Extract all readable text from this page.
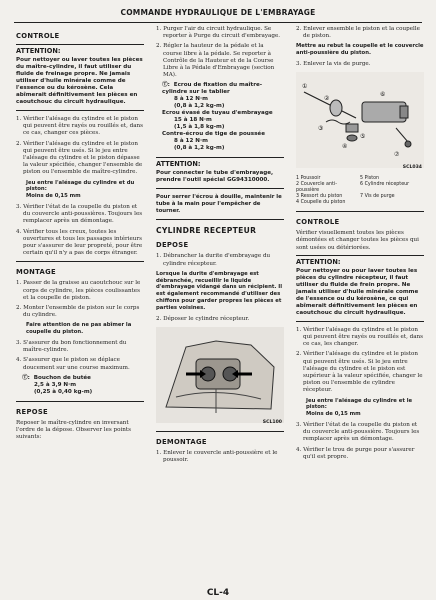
COMMANDE HYDRAULIQUE DE L'EMBRAYAGE
CONTROLE
ATTENTION:
Pour nettoyer ou laver toutes les pièces du maître-cylindre, il faut utiliser du fluide de freinage propre. Ne jamais utiliser d'huile minérale comme de l'essence ou du kérosène. Cela abîmerait définitivement les pièces en caoutchouc du circuit hydraulique.

1. Vérifier l'alésage du cylindre et le piston qui peuvent être rayés ou rouillés et, dans ce cas, changer ces pièces.

2. Vérifier l'alésage du cylindre et le piston qui peuvent être usés. Si le jeu entre l'alésage du cylindre et le piston dépasse la valeur spécifiée, changer l'ensemble de piston ou l'ensemble de maître-cylindre.

Jeu entre l'alésage du cylindre et du piston:
Moins de 0,15 mm

3. Vérifier l'état de la coupelle du piston et du couvercle anti-poussières. Toujours les remplacer après un démontage.

4. Vérifier tous les creux, toutes les ouvertures et tous les passages intérieurs pour s'assurer de leur propreté, pour être certain qu'il n'y a pas de corps étranger.

MONTAGE

1. Passer de la graisse au caoutchouc sur le corps de cylindre, les pièces coulissantes et la coupelle de piston.

2. Monter l'ensemble de piston sur le corps du cylindre.

Faire attention de ne pas abîmer la coupelle du piston.

3. S'assurer du bon fonctionnement du maître-cylindre.

4. S'assurer que le piston se déplace doucement sur une course maximum.

Ⓣ: Bouchon de butée
2,5 à 3,9 N·m
(0,25 à 0,40 kg-m)
REPOSE

Reposer le maître-cylindre en inversant l'ordre de la dépose. Observer les points suivants:

1. Purger l'air du circuit hydraulique. Se reporter à Purge du circuit d'embrayage.

2. Régler la hauteur de la pédale et la course libre à la pédale. Se reporter à Contrôle de la Hauteur et de la Course Libre à la Pédale d'Embrayage (section MA).

Ⓣ: Ecrou de fixation du maître-cylindre sur le tablier
8 à 12 N·m
(0,8 à 1,2 kg-m)
Ecrou évasé de tuyau d'embrayage
15 à 18 N·m
(1,5 à 1,8 kg-m)
Contre-écrou de tige de poussée
8 à 12 N·m
(0,8 à 1,2 kg-m)
ATTENTION:
Pour connecter le tube d'embrayage, prendre l'outil spécial GG94310000.

Pour serrer l'écrou à douille, maintenir le tube à la main pour l'empêcher de tourner.

CYLINDRE RECEPTEUR
DEPOSE

1. Débrancher la durite d'embrayage du cylindre récepteur.

Lorsque la durite d'embrayage est débranchée, recueillir le liquide d'embrayage vidangé dans un récipient. Il est également recommandé d'utiliser des chiffons pour garder propres les pièces et parties voisines.

2. Déposer le cylindre récepteur.

SCL100
DEMONTAGE

1. Enlever le couvercle anti-poussière et le poussoir.

2. Enlever ensemble le piston et la coupelle de piston.

Mettre au rebut la coupelle et le couvercle anti-poussière du piston.

3. Enlever la vis de purge.

①
②
③
④
⑤
⑥
⑦
SCL034
1 Poussoir	5 Piston
2 Couvercle anti-poussière
6 Cylindre récepteur
3 Ressort du piston	7 Vis de purge
4 Coupelle du piston
CONTROLE

Vérifier visuellement toutes les pièces démontées et changer toutes les pièces qui sont usées ou détériorées.

ATTENTION:
Pour nettoyer ou pour laver toutes les pièces du cylindre récepteur, il faut utiliser du fluide de frein propre. Ne jamais utiliser d'huile minérale comme de l'essence ou du kérosène, ce qui abîmerait définitivement les pièces en caoutchouc du circuit hydraulique.

1. Vérifier l'alésage du cylindre et le piston qui peuvent être rayés ou rouillés et, dans ce cas, les changer.

2. Vérifier l'alésage du cylindre et le piston qui peuvent être usés. Si le jeu entre l'alésage du cylindre et le piston est supérieur à la valeur spécifiée, changer le piston ou l'ensemble de cylindre récepteur.

Jeu entre l'alésage du cylindre et le piston:
Moins de 0,15 mm

3. Vérifier l'état de la coupelle du piston et du couvercle anti-poussière. Toujours les remplacer après un démontage.

4. Vérifier le trou de purge pour s'assurer qu'il est propre.

CL-4
